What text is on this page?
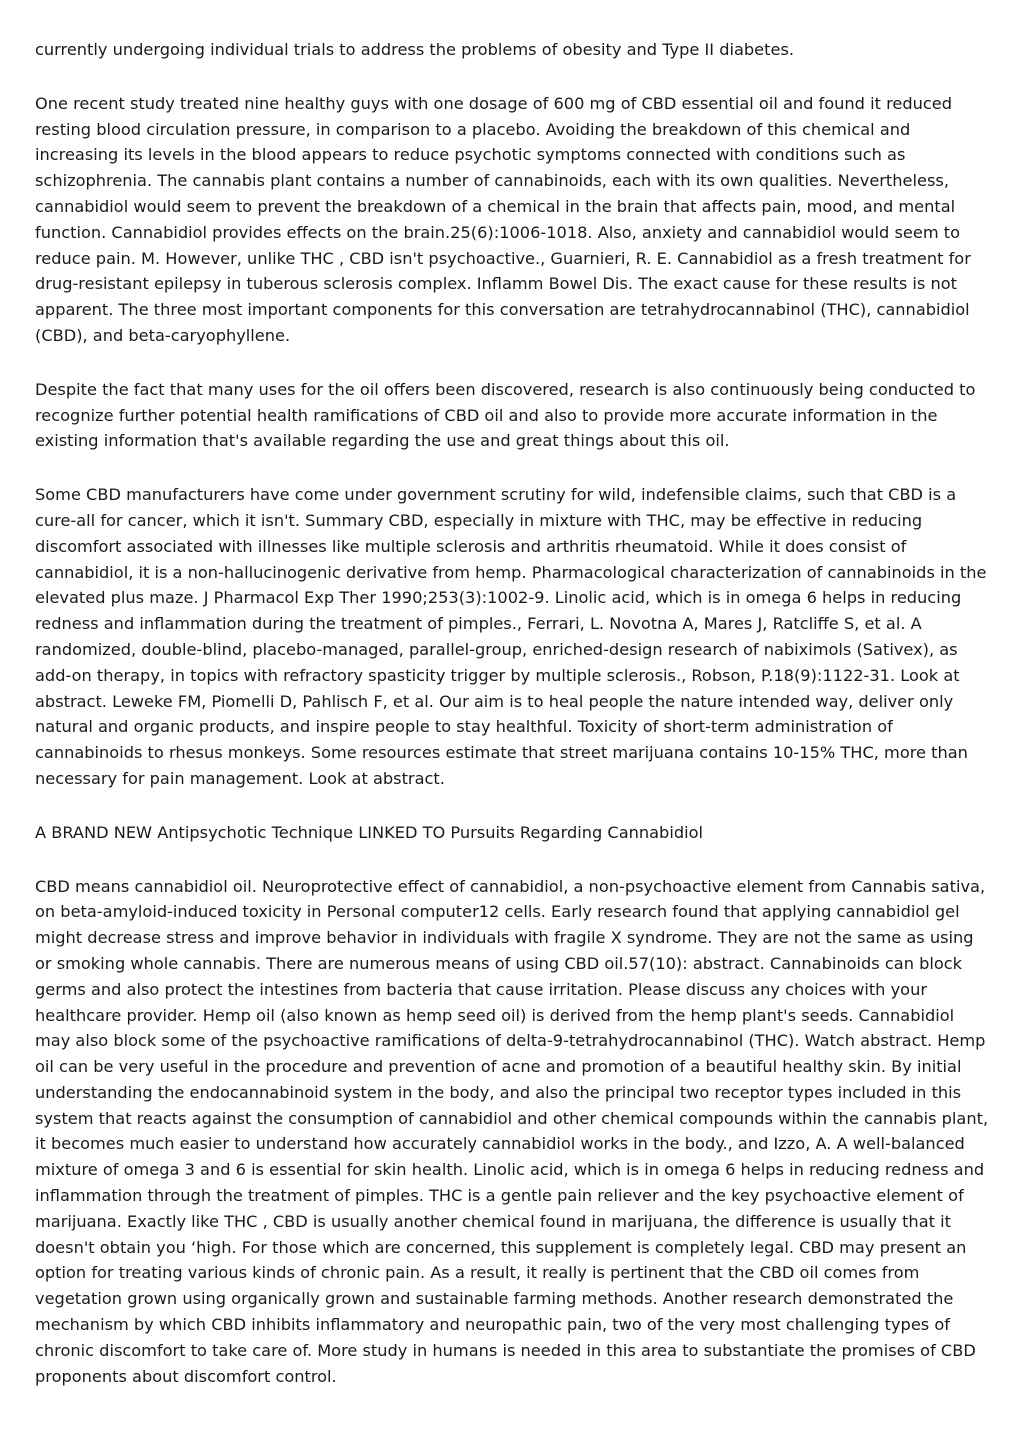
currently undergoing individual trials to address the problems of obesity and Type II diabetes.

One recent study treated nine healthy guys with one dosage of 600 mg of CBD essential oil and found it reduced resting blood circulation pressure, in comparison to a placebo. Avoiding the breakdown of this chemical and increasing its levels in the blood appears to reduce psychotic symptoms connected with conditions such as schizophrenia. The cannabis plant contains a number of cannabinoids, each with its own qualities. Nevertheless, cannabidiol would seem to prevent the breakdown of a chemical in the brain that affects pain, mood, and mental function. Cannabidiol provides effects on the brain.25(6):1006-1018. Also, anxiety and cannabidiol would seem to reduce pain. M. However, unlike THC , CBD isn't psychoactive., Guarnieri, R. E. Cannabidiol as a fresh treatment for drug-resistant epilepsy in tuberous sclerosis complex. Inflamm Bowel Dis. The exact cause for these results is not apparent. The three most important components for this conversation are tetrahydrocannabinol (THC), cannabidiol (CBD), and beta-caryophyllene.

Despite the fact that many uses for the oil offers been discovered, research is also continuously being conducted to recognize further potential health ramifications of CBD oil and also to provide more accurate information in the existing information that's available regarding the use and great things about this oil.

Some CBD manufacturers have come under government scrutiny for wild, indefensible claims, such that CBD is a cure-all for cancer, which it isn't. Summary CBD, especially in mixture with THC, may be effective in reducing discomfort associated with illnesses like multiple sclerosis and arthritis rheumatoid. While it does consist of cannabidiol, it is a non-hallucinogenic derivative from hemp. Pharmacological characterization of cannabinoids in the elevated plus maze. J Pharmacol Exp Ther 1990;253(3):1002-9. Linolic acid, which is in omega 6 helps in reducing redness and inflammation during the treatment of pimples., Ferrari, L. Novotna A, Mares J, Ratcliffe S, et al. A randomized, double-blind, placebo-managed, parallel-group, enriched-design research of nabiximols (Sativex), as add-on therapy, in topics with refractory spasticity trigger by multiple sclerosis., Robson, P.18(9):1122-31. Look at abstract. Leweke FM, Piomelli D, Pahlisch F, et al. Our aim is to heal people the nature intended way, deliver only natural and organic products, and inspire people to stay healthful. Toxicity of short-term administration of cannabinoids to rhesus monkeys. Some resources estimate that street marijuana contains 10-15% THC, more than necessary for pain management. Look at abstract.

A BRAND NEW Antipsychotic Technique LINKED TO Pursuits Regarding Cannabidiol

CBD means cannabidiol oil. Neuroprotective effect of cannabidiol, a non-psychoactive element from Cannabis sativa, on beta-amyloid-induced toxicity in Personal computer12 cells. Early research found that applying cannabidiol gel might decrease stress and improve behavior in individuals with fragile X syndrome. They are not the same as using or smoking whole cannabis. There are numerous means of using CBD oil.57(10): abstract. Cannabinoids can block germs and also protect the intestines from bacteria that cause irritation. Please discuss any choices with your healthcare provider. Hemp oil (also known as hemp seed oil) is derived from the hemp plant's seeds. Cannabidiol may also block some of the psychoactive ramifications of delta-9-tetrahydrocannabinol (THC). Watch abstract. Hemp oil can be very useful in the procedure and prevention of acne and promotion of a beautiful healthy skin. By initial understanding the endocannabinoid system in the body, and also the principal two receptor types included in this system that reacts against the consumption of cannabidiol and other chemical compounds within the cannabis plant, it becomes much easier to understand how accurately cannabidiol works in the body., and Izzo, A. A well-balanced mixture of omega 3 and 6 is essential for skin health. Linolic acid, which is in omega 6 helps in reducing redness and inflammation through the treatment of pimples. THC is a gentle pain reliever and the key psychoactive element of marijuana. Exactly like THC , CBD is usually another chemical found in marijuana, the difference is usually that it doesn't obtain you ‘high. For those which are concerned, this supplement is completely legal. CBD may present an option for treating various kinds of chronic pain. As a result, it really is pertinent that the CBD oil comes from vegetation grown using organically grown and sustainable farming methods. Another research demonstrated the mechanism by which CBD inhibits inflammatory and neuropathic pain, two of the very most challenging types of chronic discomfort to take care of. More study in humans is needed in this area to substantiate the promises of CBD proponents about discomfort control.
